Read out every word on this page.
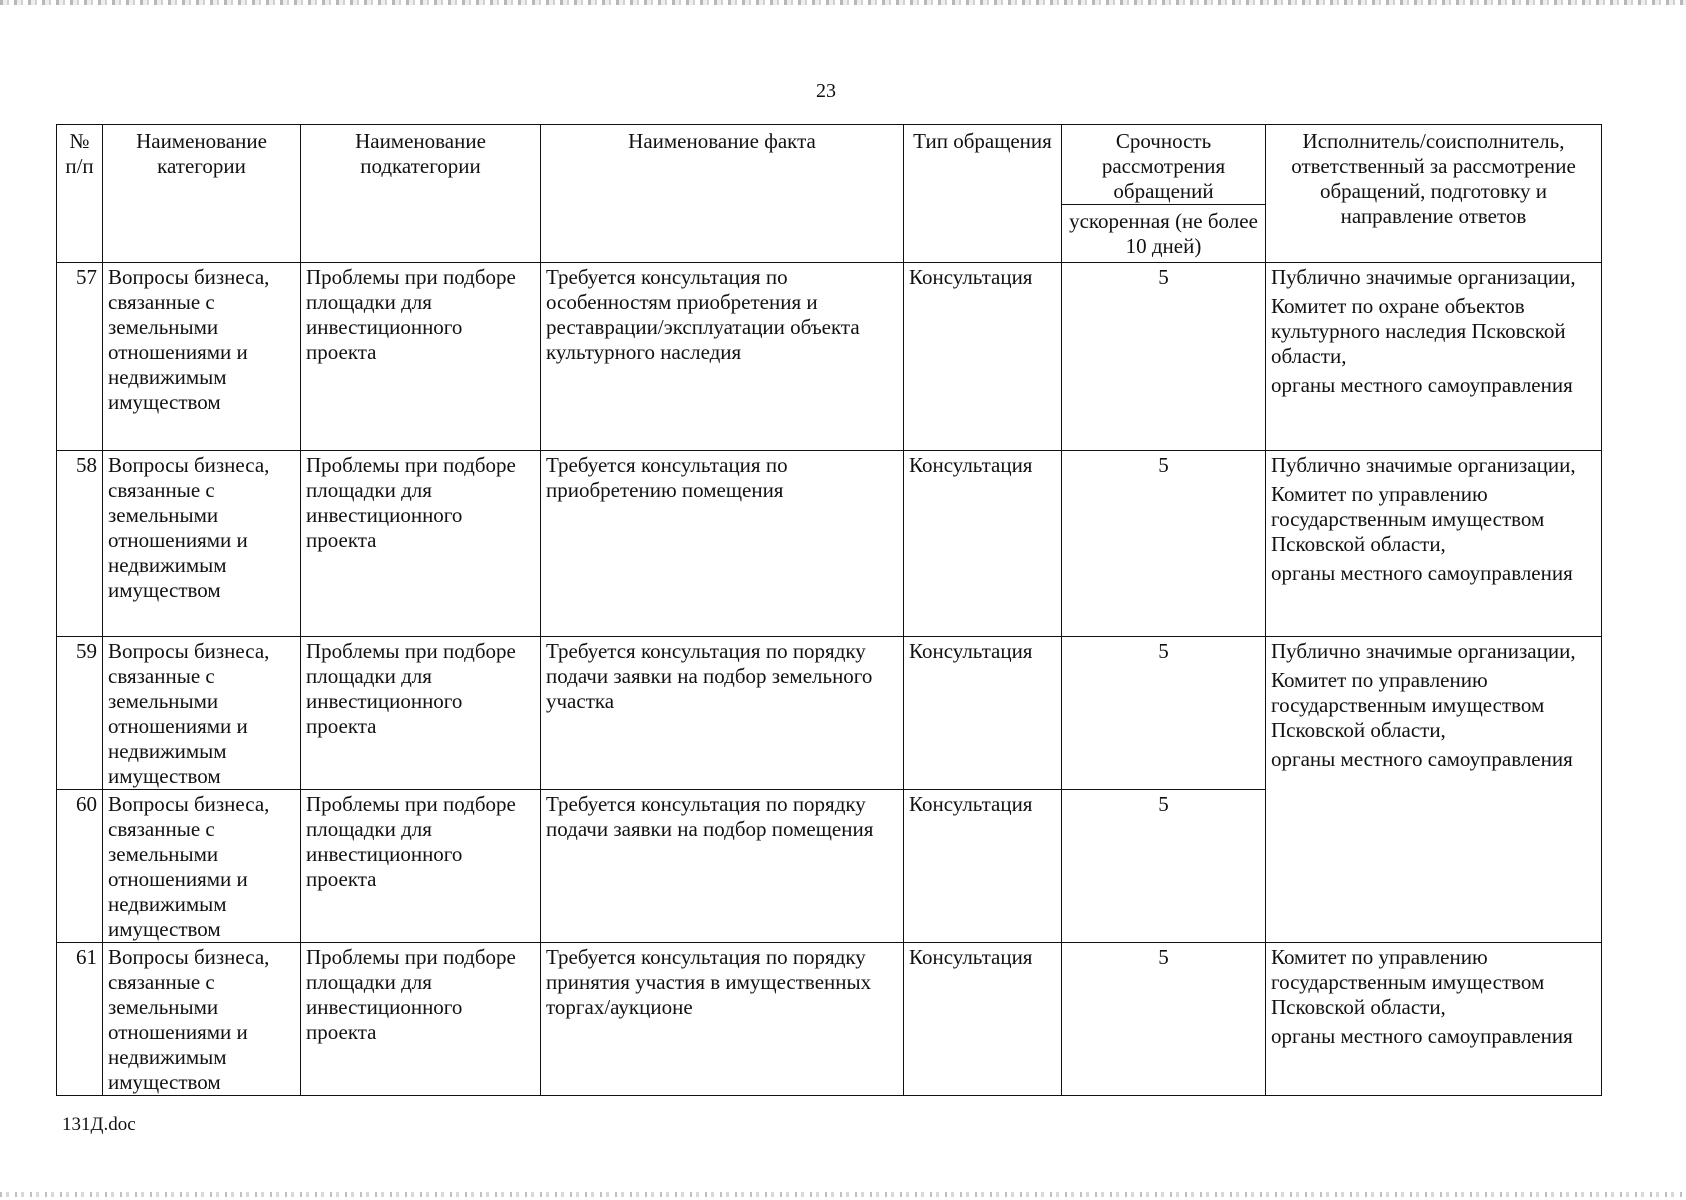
23
№ п/п	Наименование категории	Наименование подкатегории	Наименование факта	Тип обращения	Срочность рассмотрения обращений	Исполнитель/соисполнитель, ответственный за рассмотрение обращений, подготовку и направление ответов
					ускоренная (не более 10 дней)	
57	Вопросы бизнеса, связанные с земельными отношениями и недвижимым имуществом	Проблемы при подборе площадки для инвестиционного проекта	Требуется консультация по особенностям приобретения и реставрации/эксплуатации объекта культурного наследия	Консультация	5	Публично значимые организации,
Комитет по охране объектов культурного наследия Псковской области,
органы местного самоуправления

58	Вопросы бизнеса, связанные с земельными отношениями и недвижимым имуществом	Проблемы при подборе площадки для инвестиционного проекта	Требуется консультация по приобретению помещения	Консультация	5	Публично значимые организации,
Комитет по управлению государственным имуществом Псковской области,
органы местного самоуправления

59	Вопросы бизнеса, связанные с земельными отношениями и недвижимым имуществом	Проблемы при подборе площадки для инвестиционного проекта	Требуется консультация по порядку подачи заявки на подбор земельного участка	Консультация	5	Публично значимые организации,
Комитет по управлению государственным имуществом Псковской области,
органы местного самоуправления

60	Вопросы бизнеса, связанные с земельными отношениями и недвижимым имуществом	Проблемы при подборе площадки для инвестиционного проекта	Требуется консультация по порядку подачи заявки на подбор помещения	Консультация	5	
61	Вопросы бизнеса, связанные с земельными отношениями и недвижимым имуществом	Проблемы при подборе площадки для инвестиционного проекта	Требуется консультация по порядку принятия участия в имущественных торгах/аукционе	Консультация	5	Комитет по управлению государственным имуществом Псковской области,
органы местного самоуправления
131Д.doc
